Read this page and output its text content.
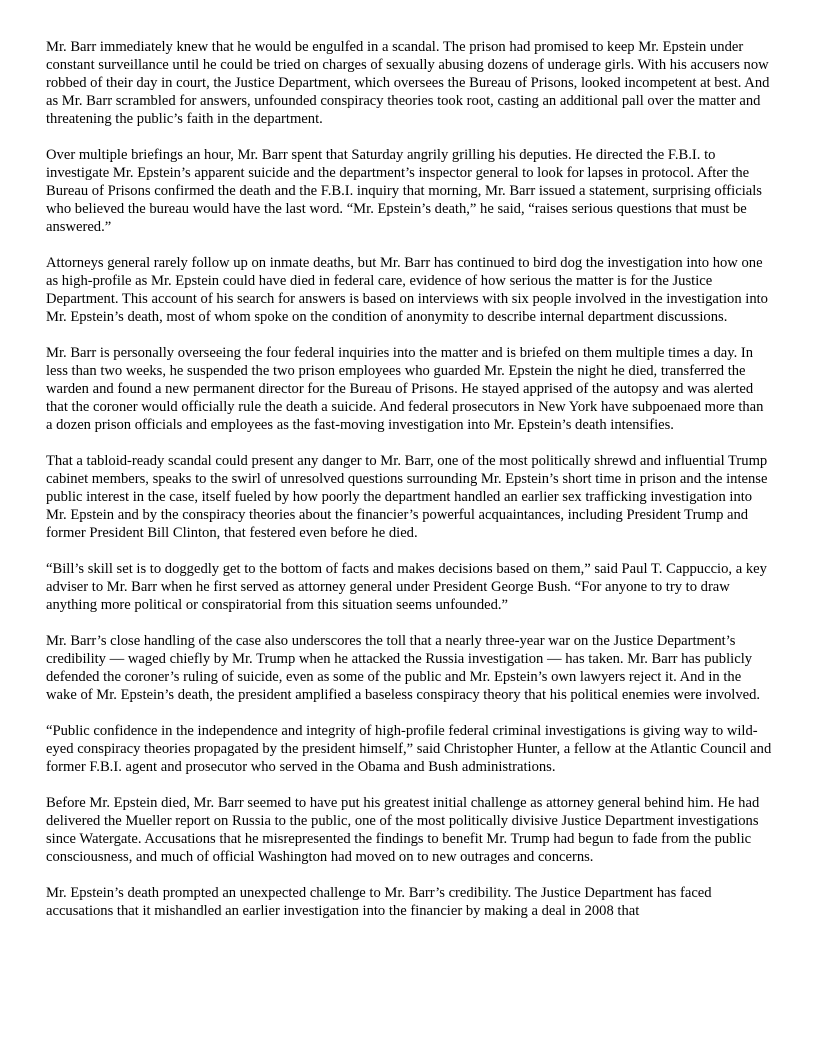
Mr. Barr immediately knew that he would be engulfed in a scandal. The prison had promised to keep Mr. Epstein under constant surveillance until he could be tried on charges of sexually abusing dozens of underage girls. With his accusers now robbed of their day in court, the Justice Department, which oversees the Bureau of Prisons, looked incompetent at best. And as Mr. Barr scrambled for answers, unfounded conspiracy theories took root, casting an additional pall over the matter and threatening the public’s faith in the department.

Over multiple briefings an hour, Mr. Barr spent that Saturday angrily grilling his deputies. He directed the F.B.I. to investigate Mr. Epstein’s apparent suicide and the department’s inspector general to look for lapses in protocol. After the Bureau of Prisons confirmed the death and the F.B.I. inquiry that morning, Mr. Barr issued a statement, surprising officials who believed the bureau would have the last word. “Mr. Epstein’s death,” he said, “raises serious questions that must be answered.”

Attorneys general rarely follow up on inmate deaths, but Mr. Barr has continued to bird dog the investigation into how one as high-profile as Mr. Epstein could have died in federal care, evidence of how serious the matter is for the Justice Department. This account of his search for answers is based on interviews with six people involved in the investigation into Mr. Epstein’s death, most of whom spoke on the condition of anonymity to describe internal department discussions.

Mr. Barr is personally overseeing the four federal inquiries into the matter and is briefed on them multiple times a day. In less than two weeks, he suspended the two prison employees who guarded Mr. Epstein the night he died, transferred the warden and found a new permanent director for the Bureau of Prisons. He stayed apprised of the autopsy and was alerted that the coroner would officially rule the death a suicide. And federal prosecutors in New York have subpoenaed more than a dozen prison officials and employees as the fast-moving investigation into Mr. Epstein’s death intensifies.

That a tabloid-ready scandal could present any danger to Mr. Barr, one of the most politically shrewd and influential Trump cabinet members, speaks to the swirl of unresolved questions surrounding Mr. Epstein’s short time in prison and the intense public interest in the case, itself fueled by how poorly the department handled an earlier sex trafficking investigation into Mr. Epstein and by the conspiracy theories about the financier’s powerful acquaintances, including President Trump and former President Bill Clinton, that festered even before he died.

“Bill’s skill set is to doggedly get to the bottom of facts and makes decisions based on them,” said Paul T. Cappuccio, a key adviser to Mr. Barr when he first served as attorney general under President George Bush. “For anyone to try to draw anything more political or conspiratorial from this situation seems unfounded.”

Mr. Barr’s close handling of the case also underscores the toll that a nearly three-year war on the Justice Department’s credibility — waged chiefly by Mr. Trump when he attacked the Russia investigation — has taken. Mr. Barr has publicly defended the coroner’s ruling of suicide, even as some of the public and Mr. Epstein’s own lawyers reject it. And in the wake of Mr. Epstein’s death, the president amplified a baseless conspiracy theory that his political enemies were involved.

“Public confidence in the independence and integrity of high-profile federal criminal investigations is giving way to wild-eyed conspiracy theories propagated by the president himself,” said Christopher Hunter, a fellow at the Atlantic Council and former F.B.I. agent and prosecutor who served in the Obama and Bush administrations.

Before Mr. Epstein died, Mr. Barr seemed to have put his greatest initial challenge as attorney general behind him. He had delivered the Mueller report on Russia to the public, one of the most politically divisive Justice Department investigations since Watergate. Accusations that he misrepresented the findings to benefit Mr. Trump had begun to fade from the public consciousness, and much of official Washington had moved on to new outrages and concerns.

Mr. Epstein’s death prompted an unexpected challenge to Mr. Barr’s credibility. The Justice Department has faced accusations that it mishandled an earlier investigation into the financier by making a deal in 2008 that
